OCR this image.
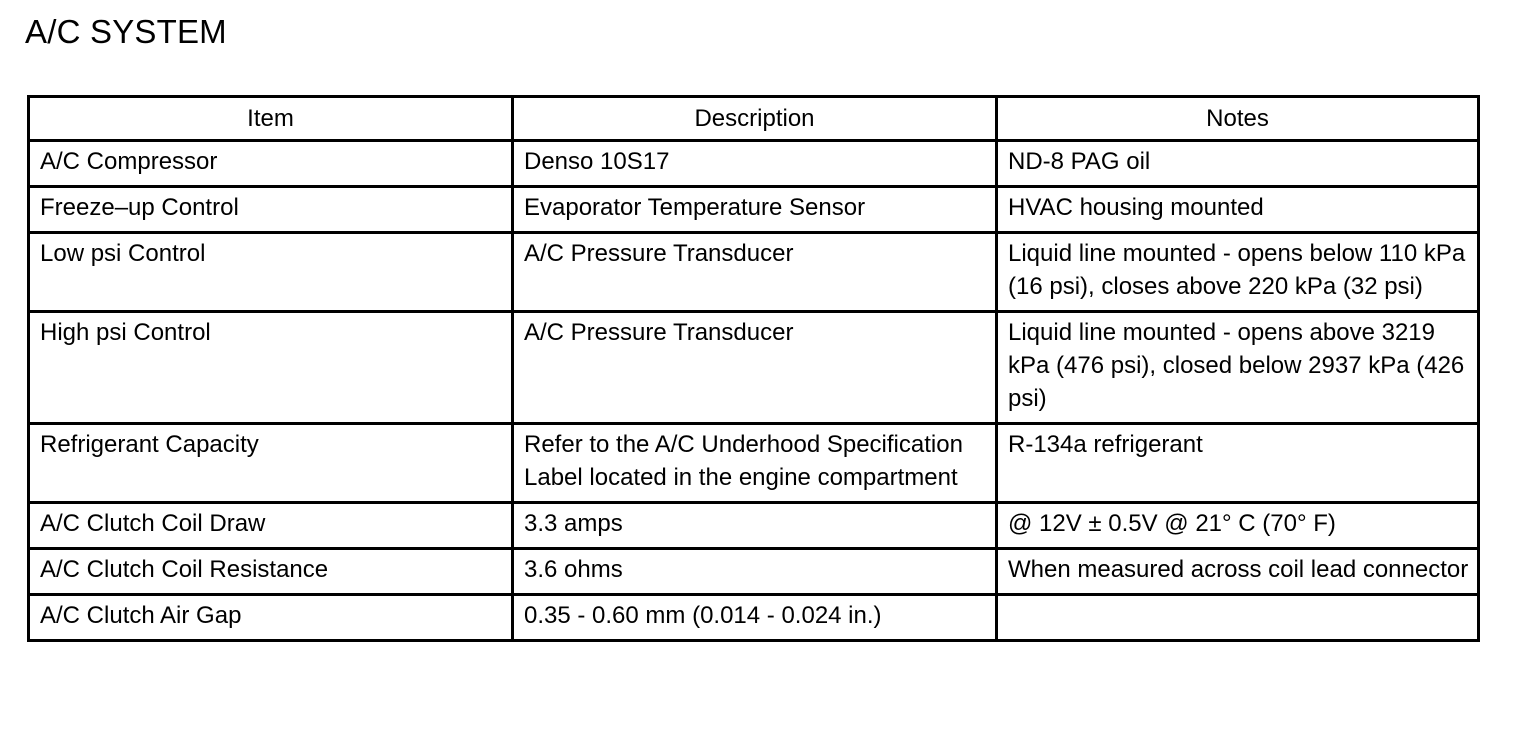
A/C SYSTEM
Item	Description	Notes
A/C Compressor	Denso 10S17	ND-8 PAG oil
Freeze–up Control	Evaporator Temperature Sensor	HVAC housing mounted
Low psi Control	A/C Pressure Transducer	Liquid line mounted - opens below 110 kPa (16 psi), closes above 220 kPa (32 psi)
High psi Control	A/C Pressure Transducer	Liquid line mounted - opens above 3219 kPa (476 psi), closed below 2937 kPa (426 psi)
Refrigerant Capacity	Refer to the A/C Underhood Specification Label located in the engine compartment	R-134a refrigerant
A/C Clutch Coil Draw	3.3 amps	@ 12V ± 0.5V @ 21° C (70° F)
A/C Clutch Coil Resistance	3.6 ohms	When measured across coil lead connector
A/C Clutch Air Gap	0.35 - 0.60 mm (0.014 - 0.024 in.)	
